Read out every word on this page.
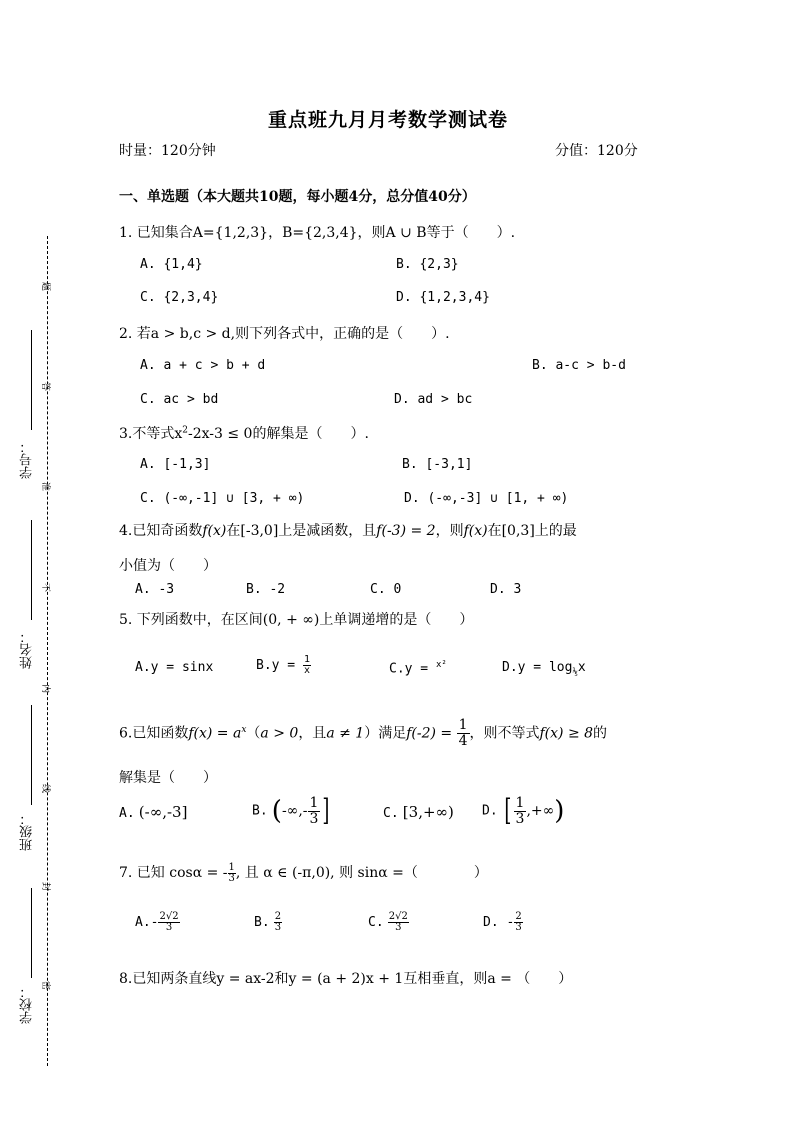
学号：
姓名：
班级：
学校：
题
答
准
不
内
线
封
密
重点班九月月考数学测试卷
时量：120分钟	分值：120分
一、单选题（本大题共10题，每小题4分，总分值40分）
1. 已知集合A={1,2,3}，B={2,3,4}，则A ∪ B等于（　　）.
A. {1,4}	B. {2,3}
C. {2,3,4}	D. {1,2,3,4}
2. 若a > b,c > d,则下列各式中，正确的是（　　）.
A. a + c > b + d	B. a-c > b-d
C. ac > bd	D. ad > bc
3.不等式$x^2-2x-3 \le 0$的解集是（　　）.
A. [-1,3]	B. [-3,1]
C. (-∞,-1] ∪ [3, + ∞)	D. (-∞,-3] ∪ [1, + ∞)
4.已知奇函数f(x)在[-3,0]上是减函数，且f(-3) = 2，则f(x)在[0,3]上的最
小值为（　　）
A. -3	B. -2	C. 0	D. 3
5. 下列函数中，在区间(0, + ∞)上单调递增的是（　　）
A.y = sinx	$B.y = \frac{1}{x}$	C.y = $^{x^2}$	$D.y = \log_{\frac{1}{5}}x$
6.已知函数$f(x) = a^x(a > 0$，且a ≠ 1）满足$f(-2) = \frac{1}{4}$ ，则不等式f(x) ≥ 8的
解集是（　　）
A. (-∞,-3]	B. (-∞,- $\frac{1}{3}$ ]	C. [3,+∞) D. [ $\frac{1}{3}$ ,+∞)
7. 已知 cosα = - $\frac{1}{3}$ , 且 α ∈ (-π,0), 则 sinα =（　　　　）
$A.- \frac{2√2}{3}$	B. $\frac{2}{3}$	C. $\frac{2√2}{3}$	D. - $\frac{2}{3}$
8.已知两条直线y = ax-2和y = (a + 2)x + 1互相垂直，则a = （　　）
